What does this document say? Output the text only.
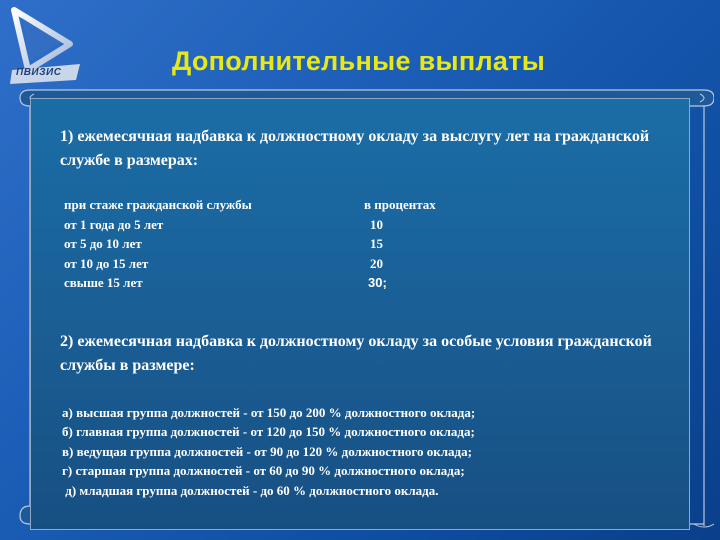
ПВИЗИС	Дополнительные выплаты
1) ежемесячная надбавка к должностному окладу за выслугу лет на гражданской службе в размерах:
при стаже гражданской службы
от 1 года до 5 лет
от 5 до 10 лет
от 10 до 15 лет
свыше 15 лет
в процентах
10
15
20
30;
2) ежемесячная надбавка к должностному окладу за особые условия гражданской службы в размере:
а) высшая группа должностей - от 150 до 200 % должностного оклада;
б) главная группа должностей - от 120 до 150 % должностного оклада;
в) ведущая группа должностей - от 90 до 120 % должностного оклада;
г) старшая группа должностей - от 60 до 90 % должностного оклада;
д) младшая группа должностей - до 60 % должностного оклада.
